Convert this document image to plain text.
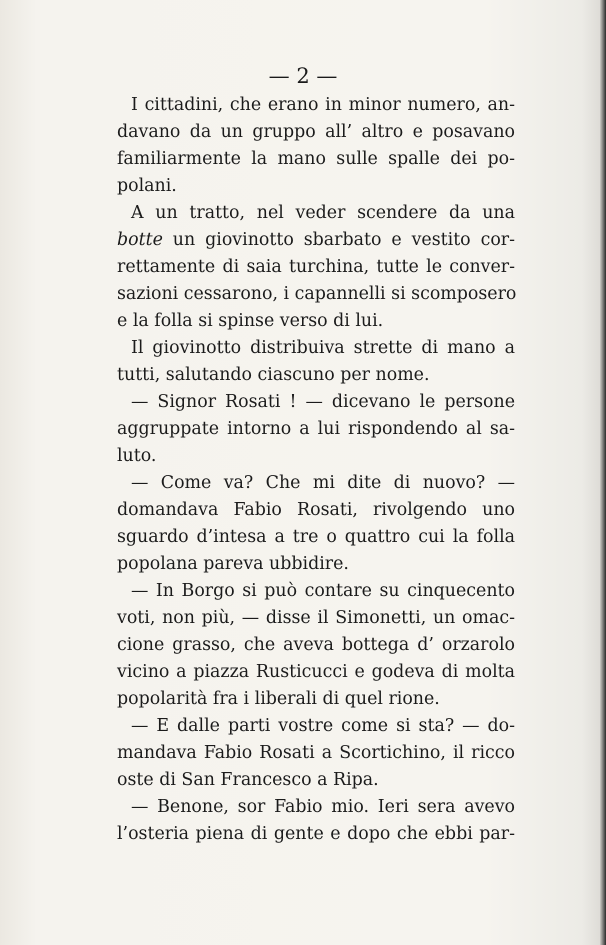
— 2 —
I cittadini, che erano in minor numero, an-
davano da un gruppo all’ altro e posavano
familiarmente la mano sulle spalle dei po-
polani.
A un tratto, nel veder scendere da una
botte un giovinotto sbarbato e vestito cor-
rettamente di saia turchina, tutte le conver-
sazioni cessarono, i capannelli si scomposero
e la folla si spinse verso di lui.
Il giovinotto distribuiva strette di mano a
tutti, salutando ciascuno per nome.
— Signor Rosati ! — dicevano le persone
aggruppate intorno a lui rispondendo al sa-
luto.
— Come va? Che mi dite di nuovo? —
domandava Fabio Rosati, rivolgendo uno
sguardo d’intesa a tre o quattro cui la folla
popolana pareva ubbidire.
— In Borgo si può contare su cinquecento
voti, non più, — disse il Simonetti, un omac-
cione grasso, che aveva bottega d’ orzarolo
vicino a piazza Rusticucci e godeva di molta
popolarità fra i liberali di quel rione.
— E dalle parti vostre come si sta? — do-
mandava Fabio Rosati a Scortichino, il ricco
oste di San Francesco a Ripa.
— Benone, sor Fabio mio. Ieri sera avevo
l’osteria piena di gente e dopo che ebbi par-
